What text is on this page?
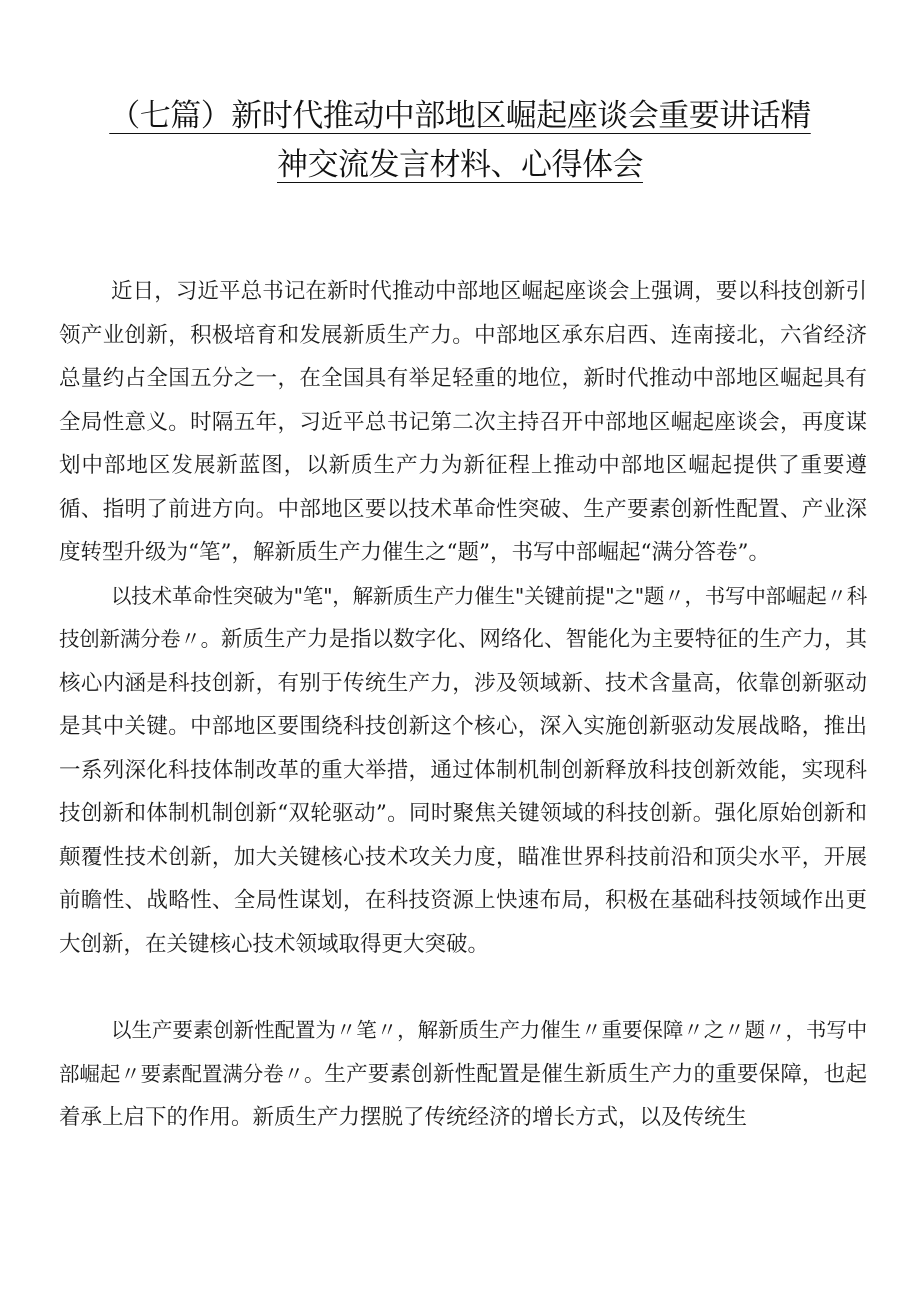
（七篇）新时代推动中部地区崛起座谈会重要讲话精
神交流发言材料、心得体会

近日，习近平总书记在新时代推动中部地区崛起座谈会上强调，要以科技创新引领产业创新，积极培育和发展新质生产力。中部地区承东启西、连南接北，六省经济总量约占全国五分之一，在全国具有举足轻重的地位，新时代推动中部地区崛起具有全局性意义。时隔五年，习近平总书记第二次主持召开中部地区崛起座谈会，再度谋划中部地区发展新蓝图，以新质生产力为新征程上推动中部地区崛起提供了重要遵循、指明了前进方向。中部地区要以技术革命性突破、生产要素创新性配置、产业深度转型升级为“笔”，解新质生产力催生之“题”，书写中部崛起“满分答卷”。

以技术革命性突破为"笔"，解新质生产力催生"关键前提"之"题〃，书写中部崛起〃科技创新满分卷〃。新质生产力是指以数字化、网络化、智能化为主要特征的生产力，其核心内涵是科技创新，有别于传统生产力，涉及领域新、技术含量高，依靠创新驱动是其中关键。中部地区要围绕科技创新这个核心，深入实施创新驱动发展战略，推出一系列深化科技体制改革的重大举措，通过体制机制创新释放科技创新效能，实现科技创新和体制机制创新“双轮驱动”。同时聚焦关键领域的科技创新。强化原始创新和颠覆性技术创新，加大关键核心技术攻关力度，瞄准世界科技前沿和顶尖水平，开展前瞻性、战略性、全局性谋划，在科技资源上快速布局，积极在基础科技领域作出更大创新，在关键核心技术领域取得更大突破。

以生产要素创新性配置为〃笔〃，解新质生产力催生〃重要保障〃之〃题〃，书写中部崛起〃要素配置满分卷〃。生产要素创新性配置是催生新质生产力的重要保障，也起着承上启下的作用。新质生产力摆脱了传统经济的增长方式，以及传统生
